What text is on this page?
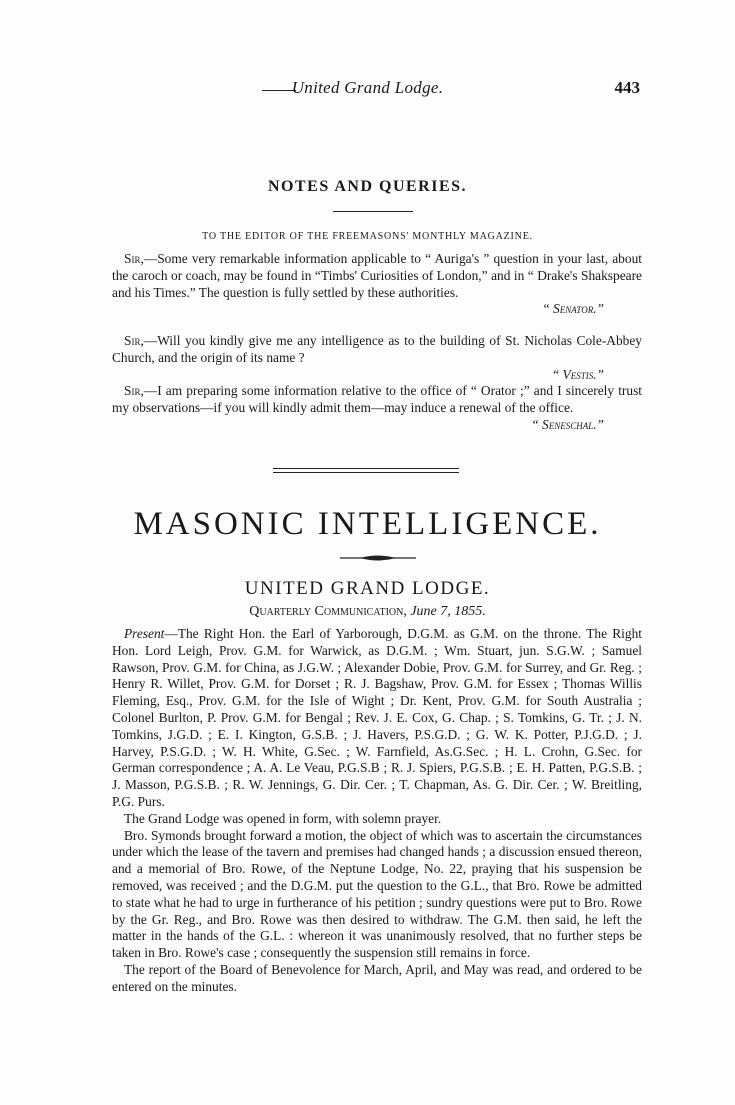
United Grand Lodge.	443
NOTES AND QUERIES.
TO THE EDITOR OF THE FREEMASONS' MONTHLY MAGAZINE.

Sir,—Some very remarkable information applicable to “ Auriga's ” question in your last, about the caroch or coach, may be found in “Timbs' Curiosities of London,” and in “ Drake's Shakspeare and his Times.” The question is fully settled by these authorities.

“ Senator.”

Sir,—Will you kindly give me any intelligence as to the building of St. Nicholas Cole-Abbey Church, and the origin of its name ?

“ Vestis.”

Sir,—I am preparing some information relative to the office of “ Orator ;” and I sincerely trust my observations—if you will kindly admit them—may induce a renewal of the office.

“ Seneschal.”

MASONIC INTELLIGENCE.
UNITED GRAND LODGE.
Quarterly Communication, June 7, 1855.

Present—The Right Hon. the Earl of Yarborough, D.G.M. as G.M. on the throne. The Right Hon. Lord Leigh, Prov. G.M. for Warwick, as D.G.M. ; Wm. Stuart, jun. S.G.W. ; Samuel Rawson, Prov. G.M. for China, as J.G.W. ; Alexander Dobie, Prov. G.M. for Surrey, and Gr. Reg. ; Henry R. Willet, Prov. G.M. for Dorset ; R. J. Bagshaw, Prov. G.M. for Essex ; Thomas Willis Fleming, Esq., Prov. G.M. for the Isle of Wight ; Dr. Kent, Prov. G.M. for South Australia ; Colonel Burlton, P. Prov. G.M. for Bengal ; Rev. J. E. Cox, G. Chap. ; S. Tomkins, G. Tr. ; J. N. Tomkins, J.G.D. ; E. I. Kington, G.S.B. ; J. Havers, P.S.G.D. ; G. W. K. Potter, P.J.G.D. ; J. Harvey, P.S.G.D. ; W. H. White, G.Sec. ; W. Farnfield, As.G.Sec. ; H. L. Crohn, G.Sec. for German correspondence ; A. A. Le Veau, P.G.S.B ; R. J. Spiers, P.G.S.B. ; E. H. Patten, P.G.S.B. ; J. Masson, P.G.S.B. ; R. W. Jennings, G. Dir. Cer. ; T. Chapman, As. G. Dir. Cer. ; W. Breitling, P.G. Purs.

The Grand Lodge was opened in form, with solemn prayer.

Bro. Symonds brought forward a motion, the object of which was to ascertain the circumstances under which the lease of the tavern and premises had changed hands ; a discussion ensued thereon, and a memorial of Bro. Rowe, of the Neptune Lodge, No. 22, praying that his suspension be removed, was received ; and the D.G.M. put the question to the G.L., that Bro. Rowe be admitted to state what he had to urge in furtherance of his petition ; sundry questions were put to Bro. Rowe by the Gr. Reg., and Bro. Rowe was then desired to withdraw. The G.M. then said, he left the matter in the hands of the G.L. : whereon it was unanimously resolved, that no further steps be taken in Bro. Rowe's case ; consequently the suspension still remains in force.

The report of the Board of Benevolence for March, April, and May was read, and ordered to be entered on the minutes.
